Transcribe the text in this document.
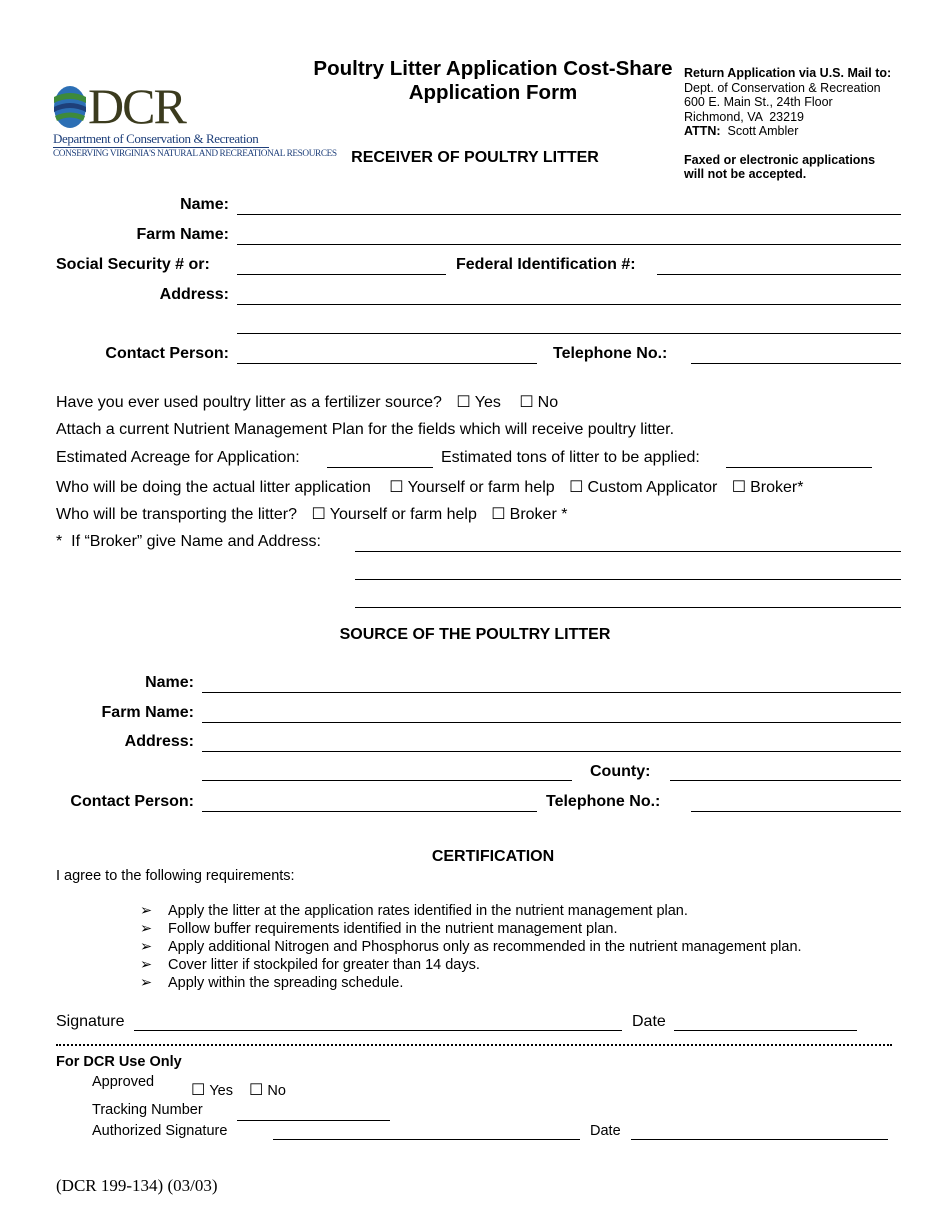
DCR
Department of Conservation & Recreation
CONSERVING VIRGINIA'S NATURAL AND RECREATIONAL RESOURCES
Poultry Litter Application Cost-Share
Application Form
RECEIVER OF POULTRY LITTER
Return Application via U.S. Mail to:
Dept. of Conservation & Recreation
600 E. Main St., 24th Floor
Richmond, VA  23219
ATTN: Scott Ambler
Faxed or electronic applications
will not be accepted.
Name:
Farm Name:
Social Security # or:	Federal Identification #:
Address:
Contact Person:	Telephone No.:
Have you ever used poultry litter as a fertilizer source? ☐ Yes ☐ No
Attach a current Nutrient Management Plan for the fields which will receive poultry litter.
Estimated Acreage for Application:	Estimated tons of litter to be applied:
Who will be doing the actual litter application ☐ Yourself or farm help ☐ Custom Applicator ☐ Broker*
Who will be transporting the litter? ☐ Yourself or farm help ☐ Broker *
*  If “Broker” give Name and Address:
SOURCE OF THE POULTRY LITTER
Name:
Farm Name:
Address:
County:
Contact Person:	Telephone No.:
CERTIFICATION
I agree to the following requirements:
➢ Apply the litter at the application rates identified in the nutrient management plan.
➢ Follow buffer requirements identified in the nutrient management plan.
➢ Apply additional Nitrogen and Phosphorus only as recommended in the nutrient management plan.
➢ Cover litter if stockpiled for greater than 14 days.
➢ Apply within the spreading schedule.
Signature	Date
For DCR Use Only
Approved	☐ Yes ☐ No
Tracking Number
Authorized Signature	Date
(DCR 199-134) (03/03)
